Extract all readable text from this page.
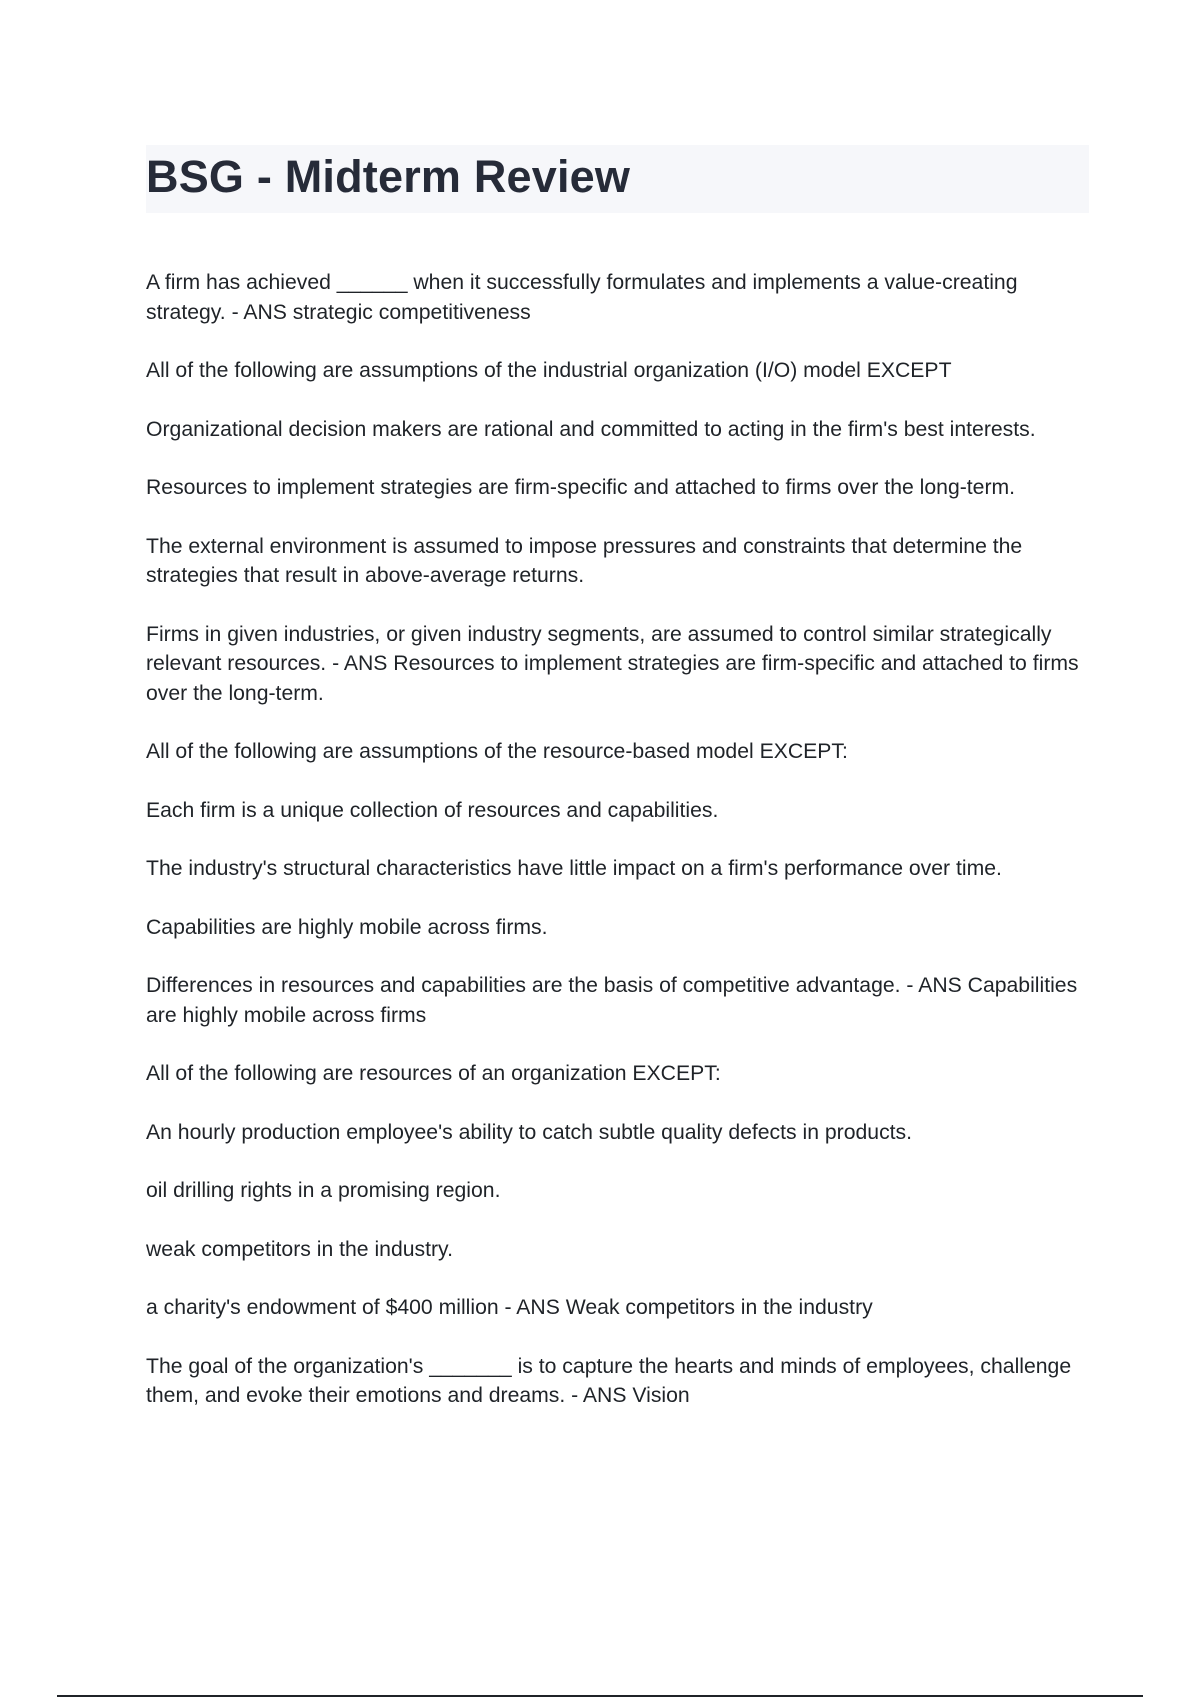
BSG - Midterm Review

A firm has achieved ______ when it successfully formulates and implements a value-creating strategy. - ANS strategic competitiveness

All of the following are assumptions of the industrial organization (I/O) model EXCEPT

Organizational decision makers are rational and committed to acting in the firm's best interests.

Resources to implement strategies are firm-specific and attached to firms over the long-term.

The external environment is assumed to impose pressures and constraints that determine the strategies that result in above-average returns.

Firms in given industries, or given industry segments, are assumed to control similar strategically relevant resources. - ANS Resources to implement strategies are firm-specific and attached to firms over the long-term.

All of the following are assumptions of the resource-based model EXCEPT:

Each firm is a unique collection of resources and capabilities.

The industry's structural characteristics have little impact on a firm's performance over time.

Capabilities are highly mobile across firms.

Differences in resources and capabilities are the basis of competitive advantage. - ANS Capabilities are highly mobile across firms

All of the following are resources of an organization EXCEPT:

An hourly production employee's ability to catch subtle quality defects in products.

oil drilling rights in a promising region.

weak competitors in the industry.

a charity's endowment of $400 million - ANS Weak competitors in the industry

The goal of the organization's _______ is to capture the hearts and minds of employees, challenge them, and evoke their emotions and dreams. - ANS Vision
